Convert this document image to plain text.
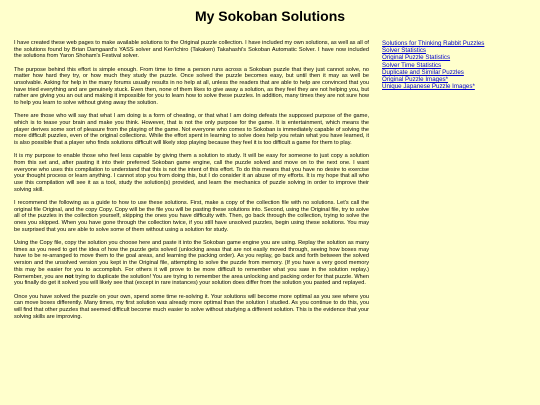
My Sokoban Solutions

I have created these web pages to make available solutions to the Original puzzle collection. I have included my own solutions, as well as all of the solutions found by Brian Damgaard's YASS solver and Ken'ichiro (Takaken) Takahashi's Sokoban Automatic Solver. I have now included the solutions from Yaron Shoham's Festival solver.

The purpose behind this effort is simple enough. From time to time a person runs across a Sokoban puzzle that they just cannot solve, no matter how hard they try, or how much they study the puzzle. Once solved the puzzle becomes easy, but until then it may as well be unsolvable. Asking for help in the many forums usually results in no help at all, unless the readers that are able to help are convinced that you have tried everything and are genuinely stuck. Even then, none of them likes to give away a solution, as they feel they are not helping you, but rather are giving you an out and making it impossible for you to learn how to solve these puzzles. In addition, many times they are not sure how to help you learn to solve without giving away the solution.

There are those who will say that what I am doing is a form of cheating, or that what I am doing defeats the supposed purpose of the game, which is to tease your brain and make you think. However, that is not the only purpose for the game. It is entertainment, which means the player derives some sort of pleasure from the playing of the game. Not everyone who comes to Sokoban is immediately capable of solving the more difficult puzzles, even of the original collections. While the effort spent in learning to solve does help you retain what you have learned, it is also possible that a player who finds solutions difficult will likely stop playing because they feel it is too difficult a game for them to play.

It is my purpose to enable those who feel less capable by giving them a solution to study. It will be easy for someone to just copy a solution from this set and, after pasting it into their preferred Sokoban game engine, call the puzzle solved and move on to the next one. I want everyone who uses this compilation to understand that this is not the intent of this effort. To do this means that you have no desire to exercise your thought process or learn anything. I cannot stop you from doing this, but I do consider it an abuse of my efforts. It is my hope that all who use this compilation will see it as a tool, study the solution(s) provided, and learn the mechanics of puzzle solving in order to improve their solving skill.

I recommend the following as a guide to how to use these solutions. First, make a copy of the collection file with no solutions. Let's call the original file Original, and the copy Copy. Copy will be the file you will be pasting these solutions into. Second, using the Original file, try to solve all of the puzzles in the collection yourself, skipping the ones you have difficulty with. Then, go back through the collection, trying to solve the ones you skipped. When you have gone through the collection twice, if you still have unsolved puzzles, begin using these solutions. You may be surprised that you are able to solve some of them without using a solution for study.

Using the Copy file, copy the solution you choose here and paste it into the Sokoban game engine you are using. Replay the solution as many times as you need to get the idea of how the puzzle gets solved (unlocking areas that are not easily moved through, seeing how boxes may have to be re-arranged to move them to the goal areas, and learning the packing order). As you replay, go back and forth between the solved version and the unsolved version you kept in the Original file, attempting to solve the puzzle from memory. (If you have a very good memory this may be easier for you to accomplish. For others it will prove to be more difficult to remember what you saw in the solution replay.) Remember, you are not trying to duplicate the solution! You are trying to remember the area unlocking and packing order for that puzzle. When you finally do get it solved you will likely see that (except in rare instances) your solution does differ from the solution you pasted and replayed.

Once you have solved the puzzle on your own, spend some time re-solving it. Your solutions will become more optimal as you see where you can move boxes differently. Many times, my first solution was already more optimal than the solution I studied. As you continue to do this, you will find that other puzzles that seemed difficult become much easier to solve without studying a different solution. This is the evidence that your solving skills are improving.

Solutions for Thinking Rabbit Puzzles
Solver Statistics
Original Puzzle Statistics
Solver Time Statistics
Duplicate and Similar Puzzles
Original Puzzle Images*
Unique Japanese Puzzle Images*
